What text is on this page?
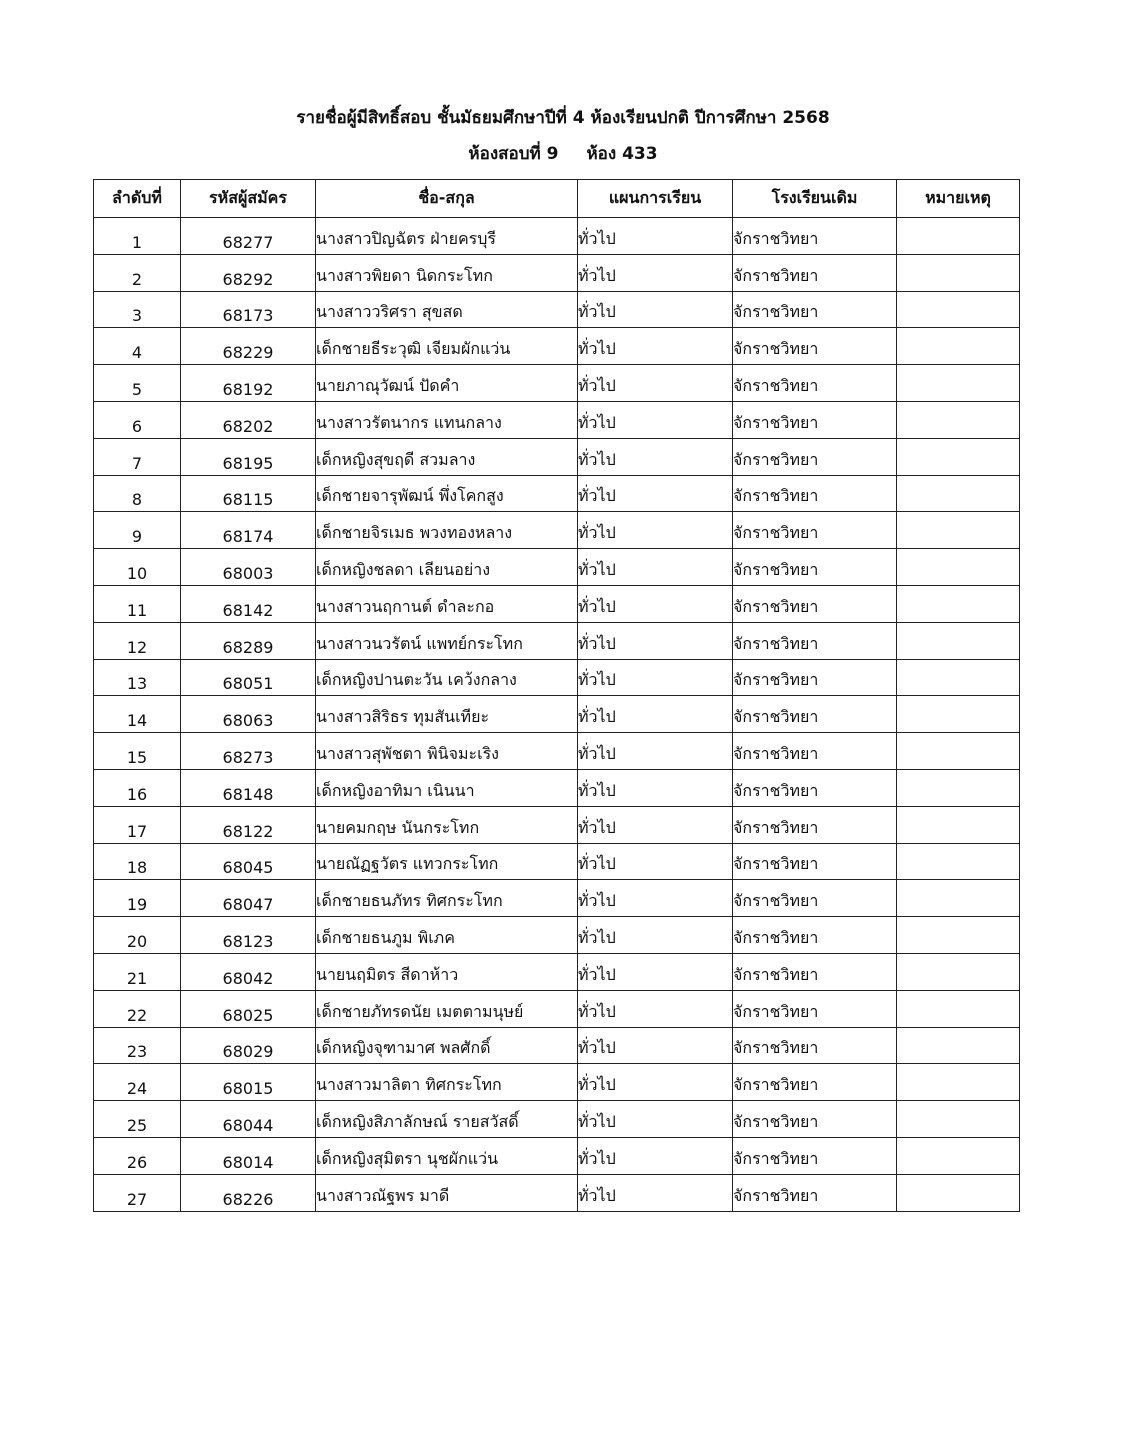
รายชื่อผู้มีสิทธิ์สอบ ชั้นมัธยมศึกษาปีที่ 4 ห้องเรียนปกติ ปีการศึกษา 2568
ห้องสอบที่ 9 ห้อง 433
ลำดับที่	รหัสผู้สมัคร	ชื่อ-สกุล	แผนการเรียน	โรงเรียนเดิม	หมายเหตุ
1	68277	นางสาวปิญฉัตร ฝ่ายครบุรี	ทั่วไป	จักราชวิทยา	
2	68292	นางสาวพิยดา นิดกระโทก	ทั่วไป	จักราชวิทยา	
3	68173	นางสาววริศรา สุขสด	ทั่วไป	จักราชวิทยา	
4	68229	เด็กชายธีระวุฒิ เจียมผักแว่น	ทั่วไป	จักราชวิทยา	
5	68192	นายภาณุวัฒน์ ปัดคำ	ทั่วไป	จักราชวิทยา	
6	68202	นางสาวรัตนากร แทนกลาง	ทั่วไป	จักราชวิทยา	
7	68195	เด็กหญิงสุขฤดี สวมลาง	ทั่วไป	จักราชวิทยา	
8	68115	เด็กชายจารุพัฒน์ พึ่งโคกสูง	ทั่วไป	จักราชวิทยา	
9	68174	เด็กชายจิรเมธ พวงทองหลาง	ทั่วไป	จักราชวิทยา	
10	68003	เด็กหญิงชลดา เลียนอย่าง	ทั่วไป	จักราชวิทยา	
11	68142	นางสาวนฤกานต์ ดำละกอ	ทั่วไป	จักราชวิทยา	
12	68289	นางสาวนวรัตน์ แพทย์กระโทก	ทั่วไป	จักราชวิทยา	
13	68051	เด็กหญิงปานตะวัน เคว้งกลาง	ทั่วไป	จักราชวิทยา	
14	68063	นางสาวสิริธร ทุมสันเทียะ	ทั่วไป	จักราชวิทยา	
15	68273	นางสาวสุพัชตา พินิจมะเริง	ทั่วไป	จักราชวิทยา	
16	68148	เด็กหญิงอาทิมา เนินนา	ทั่วไป	จักราชวิทยา	
17	68122	นายคมกฤษ นันกระโทก	ทั่วไป	จักราชวิทยา	
18	68045	นายณัฏฐวัตร แทวกระโทก	ทั่วไป	จักราชวิทยา	
19	68047	เด็กชายธนภัทร ทิศกระโทก	ทั่วไป	จักราชวิทยา	
20	68123	เด็กชายธนภูม พิเภค	ทั่วไป	จักราชวิทยา	
21	68042	นายนฤมิตร สีดาห้าว	ทั่วไป	จักราชวิทยา	
22	68025	เด็กชายภัทรดนัย เมตตามนุษย์	ทั่วไป	จักราชวิทยา	
23	68029	เด็กหญิงจุฑามาศ พลศักดิ์	ทั่วไป	จักราชวิทยา	
24	68015	นางสาวมาลิตา ทิศกระโทก	ทั่วไป	จักราชวิทยา	
25	68044	เด็กหญิงสิภาลักษณ์ รายสวัสดิ์	ทั่วไป	จักราชวิทยา	
26	68014	เด็กหญิงสุมิตรา นุชผักแว่น	ทั่วไป	จักราชวิทยา	
27	68226	นางสาวณัฐพร มาดี	ทั่วไป	จักราชวิทยา	
